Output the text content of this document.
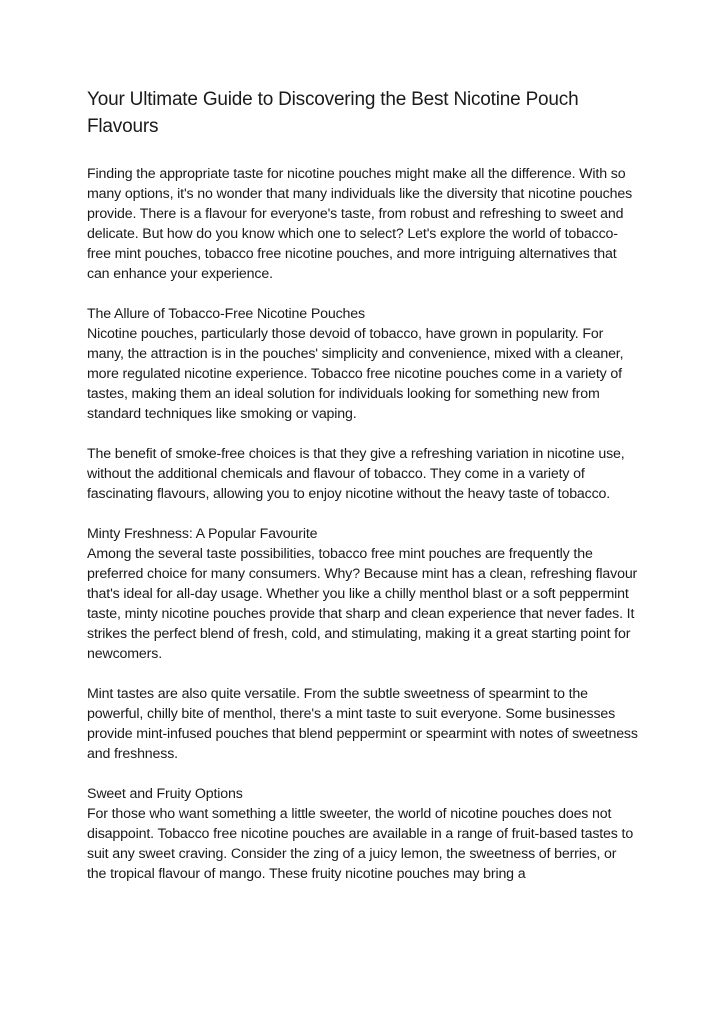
Your Ultimate Guide to Discovering the Best Nicotine Pouch Flavours

Finding the appropriate taste for nicotine pouches might make all the difference. With so many options, it's no wonder that many individuals like the diversity that nicotine pouches provide. There is a flavour for everyone's taste, from robust and refreshing to sweet and delicate. But how do you know which one to select? Let's explore the world of tobacco-free mint pouches, tobacco free nicotine pouches, and more intriguing alternatives that can enhance your experience.

The Allure of Tobacco-Free Nicotine Pouches
Nicotine pouches, particularly those devoid of tobacco, have grown in popularity. For many, the attraction is in the pouches' simplicity and convenience, mixed with a cleaner, more regulated nicotine experience. Tobacco free nicotine pouches come in a variety of tastes, making them an ideal solution for individuals looking for something new from standard techniques like smoking or vaping.

The benefit of smoke-free choices is that they give a refreshing variation in nicotine use, without the additional chemicals and flavour of tobacco. They come in a variety of fascinating flavours, allowing you to enjoy nicotine without the heavy taste of tobacco.

Minty Freshness: A Popular Favourite
Among the several taste possibilities, tobacco free mint pouches are frequently the preferred choice for many consumers. Why? Because mint has a clean, refreshing flavour that's ideal for all-day usage. Whether you like a chilly menthol blast or a soft peppermint taste, minty nicotine pouches provide that sharp and clean experience that never fades. It strikes the perfect blend of fresh, cold, and stimulating, making it a great starting point for newcomers.

Mint tastes are also quite versatile. From the subtle sweetness of spearmint to the powerful, chilly bite of menthol, there's a mint taste to suit everyone. Some businesses provide mint-infused pouches that blend peppermint or spearmint with notes of sweetness and freshness.

Sweet and Fruity Options
For those who want something a little sweeter, the world of nicotine pouches does not disappoint. Tobacco free nicotine pouches are available in a range of fruit-based tastes to suit any sweet craving. Consider the zing of a juicy lemon, the sweetness of berries, or the tropical flavour of mango. These fruity nicotine pouches may bring a
